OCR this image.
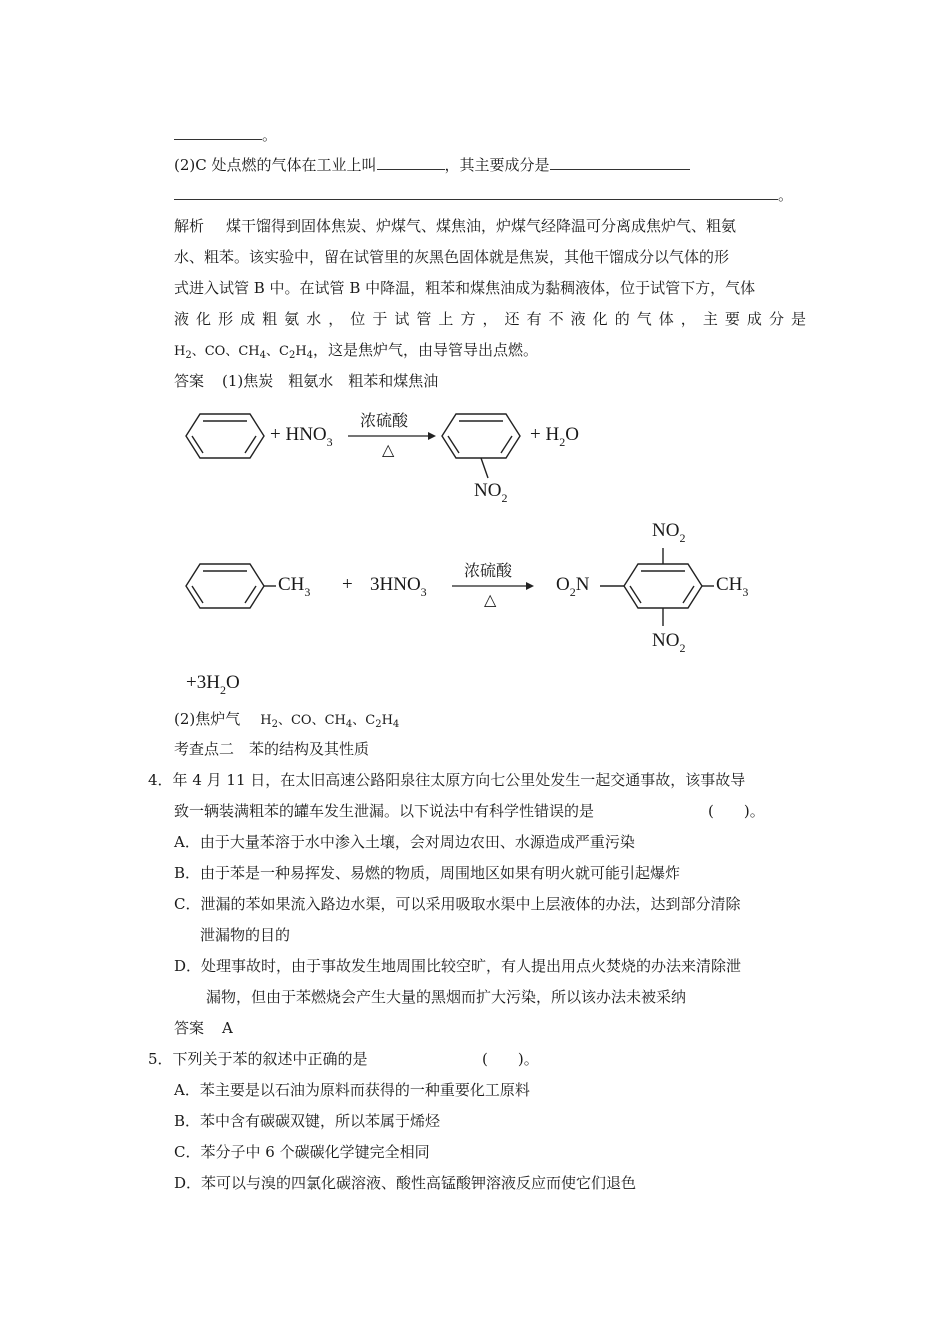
。
(2)C 处点燃的气体在工业上叫	，其主要成分是
。
解析 煤干馏得到固体焦炭、炉煤气、煤焦油，炉煤气经降温可分离成焦炉气、粗氨
水、粗苯。该实验中，留在试管里的灰黑色固体就是焦炭，其他干馏成分以气体的形
式进入试管 B 中。在试管 B 中降温，粗苯和煤焦油成为黏稠液体，位于试管下方，气体
液化形成粗氨水，位于试管上方，还有不液化的气体，主要成分是
$H_2$、CO、$CH_4$、$C_2H_4$，这是焦炉气，由导管导出点燃。
答案 (1)焦炭　粗氨水　粗苯和煤焦油
+ $HNO_3$
浓硫酸
△
+ $H_2O$
$NO_2$
$CH_3 + 3HNO_3$
浓硫酸
△
$O_2N$
$NO_2$
$NO_2$
$CH_3$
$+3H_2O$
(2)焦炉气 $H_2$、CO、$CH_4$、$C_2H_4$
考查点二　苯的结构及其性质
4．年 4 月 11 日，在太旧高速公路阳泉往太原方向七公里处发生一起交通事故，该事故导
致一辆装满粗苯的罐车发生泄漏。以下说法中有科学性错误的是	(　　)。
A．由于大量苯溶于水中渗入土壤，会对周边农田、水源造成严重污染
B．由于苯是一种易挥发、易燃的物质，周围地区如果有明火就可能引起爆炸
C．泄漏的苯如果流入路边水渠，可以采用吸取水渠中上层液体的办法，达到部分清除
泄漏物的目的
D．处理事故时，由于事故发生地周围比较空旷，有人提出用点火焚烧的办法来清除泄
漏物，但由于苯燃烧会产生大量的黑烟而扩大污染，所以该办法未被采纳
答案 A
5．下列关于苯的叙述中正确的是	(　　)。
A．苯主要是以石油为原料而获得的一种重要化工原料
B．苯中含有碳碳双键，所以苯属于烯烃
C．苯分子中 6 个碳碳化学键完全相同
D．苯可以与溴的四氯化碳溶液、酸性高锰酸钾溶液反应而使它们退色
